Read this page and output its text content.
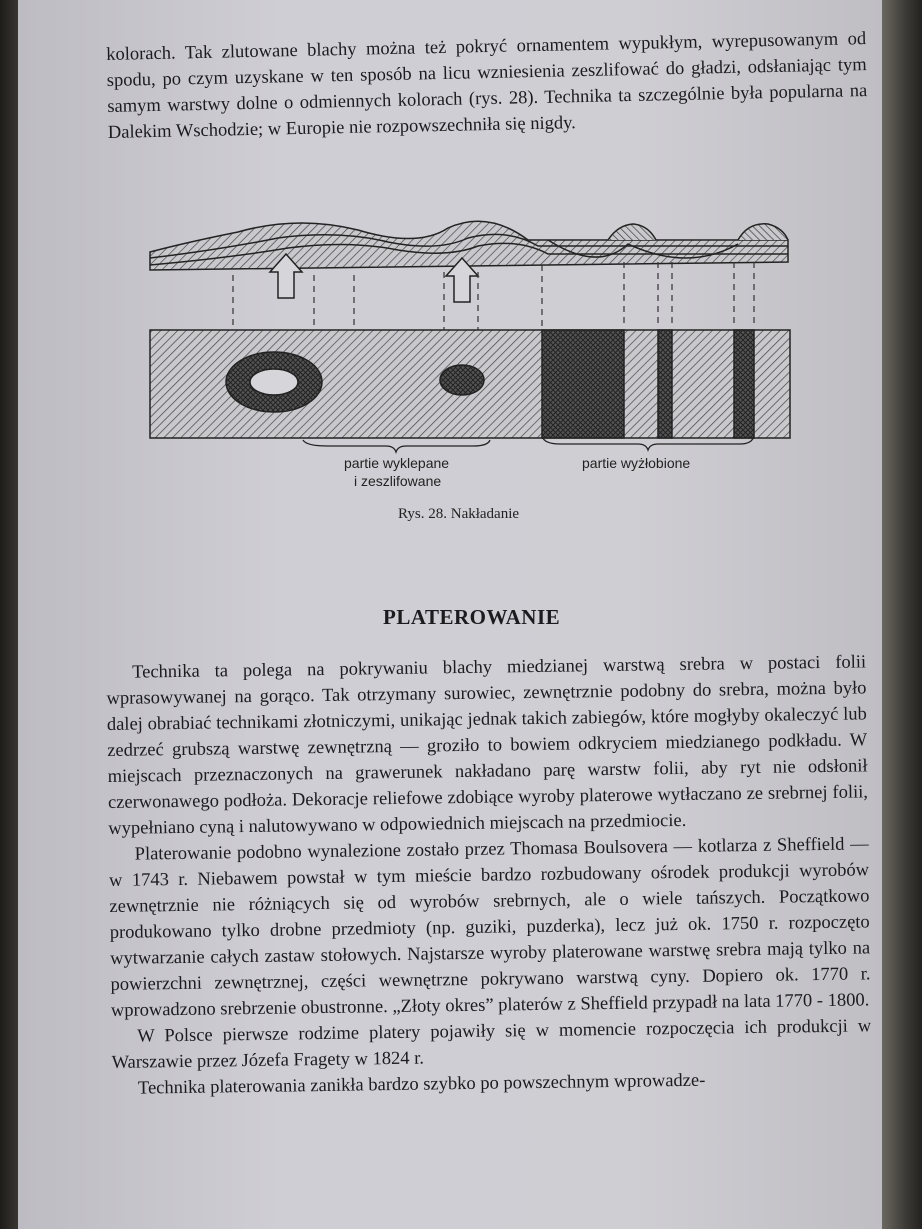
kolorach. Tak zlutowane blachy można też pokryć ornamentem wypukłym, wyrepusowanym od spodu, po czym uzyskane w ten sposób na licu wzniesienia zeszlifować do gładzi, odsłaniając tym samym warstwy dolne o odmiennych kolorach (rys. 28). Technika ta szczególnie była popularna na Dalekim Wschodzie; w Europie nie rozpowszechniła się nigdy.

partie wyklepane
i zeszlifowane
partie wyżłobione
Rys. 28. Nakładanie
PLATEROWANIE

Technika ta polega na pokrywaniu blachy miedzianej warstwą srebra w postaci folii wprasowywanej na gorąco. Tak otrzymany surowiec, zewnętrznie podobny do srebra, można było dalej obrabiać technikami złotniczymi, unikając jednak takich zabiegów, które mogłyby okaleczyć lub zedrzeć grubszą warstwę zewnętrzną — groziło to bowiem odkryciem miedzianego podkładu. W miejscach przeznaczonych na grawerunek nakładano parę warstw folii, aby ryt nie odsłonił czerwonawego podłoża. Dekoracje reliefowe zdobiące wyroby platerowe wytłaczano ze srebrnej folii, wypełniano cyną i nalutowywano w odpowiednich miejscach na przedmiocie.

Platerowanie podobno wynalezione zostało przez Thomasa Boulsovera — kotlarza z Sheffield — w 1743 r. Niebawem powstał w tym mieście bardzo rozbudowany ośrodek produkcji wyrobów zewnętrznie nie różniących się od wyrobów srebrnych, ale o wiele tańszych. Początkowo produkowano tylko drobne przedmioty (np. guziki, puzderka), lecz już ok. 1750 r. rozpoczęto wytwarzanie całych zastaw stołowych. Najstarsze wyroby platerowane warstwę srebra mają tylko na powierzchni zewnętrznej, części wewnętrzne pokrywano warstwą cyny. Dopiero ok. 1770 r. wprowadzono srebrzenie obustronne. „Złoty okres” platerów z Sheffield przypadł na lata 1770 - 1800.

W Polsce pierwsze rodzime platery pojawiły się w momencie rozpoczęcia ich produkcji w Warszawie przez Józefa Fragety w 1824 r.

Technika platerowania zanikła bardzo szybko po powszechnym wprowadze-
